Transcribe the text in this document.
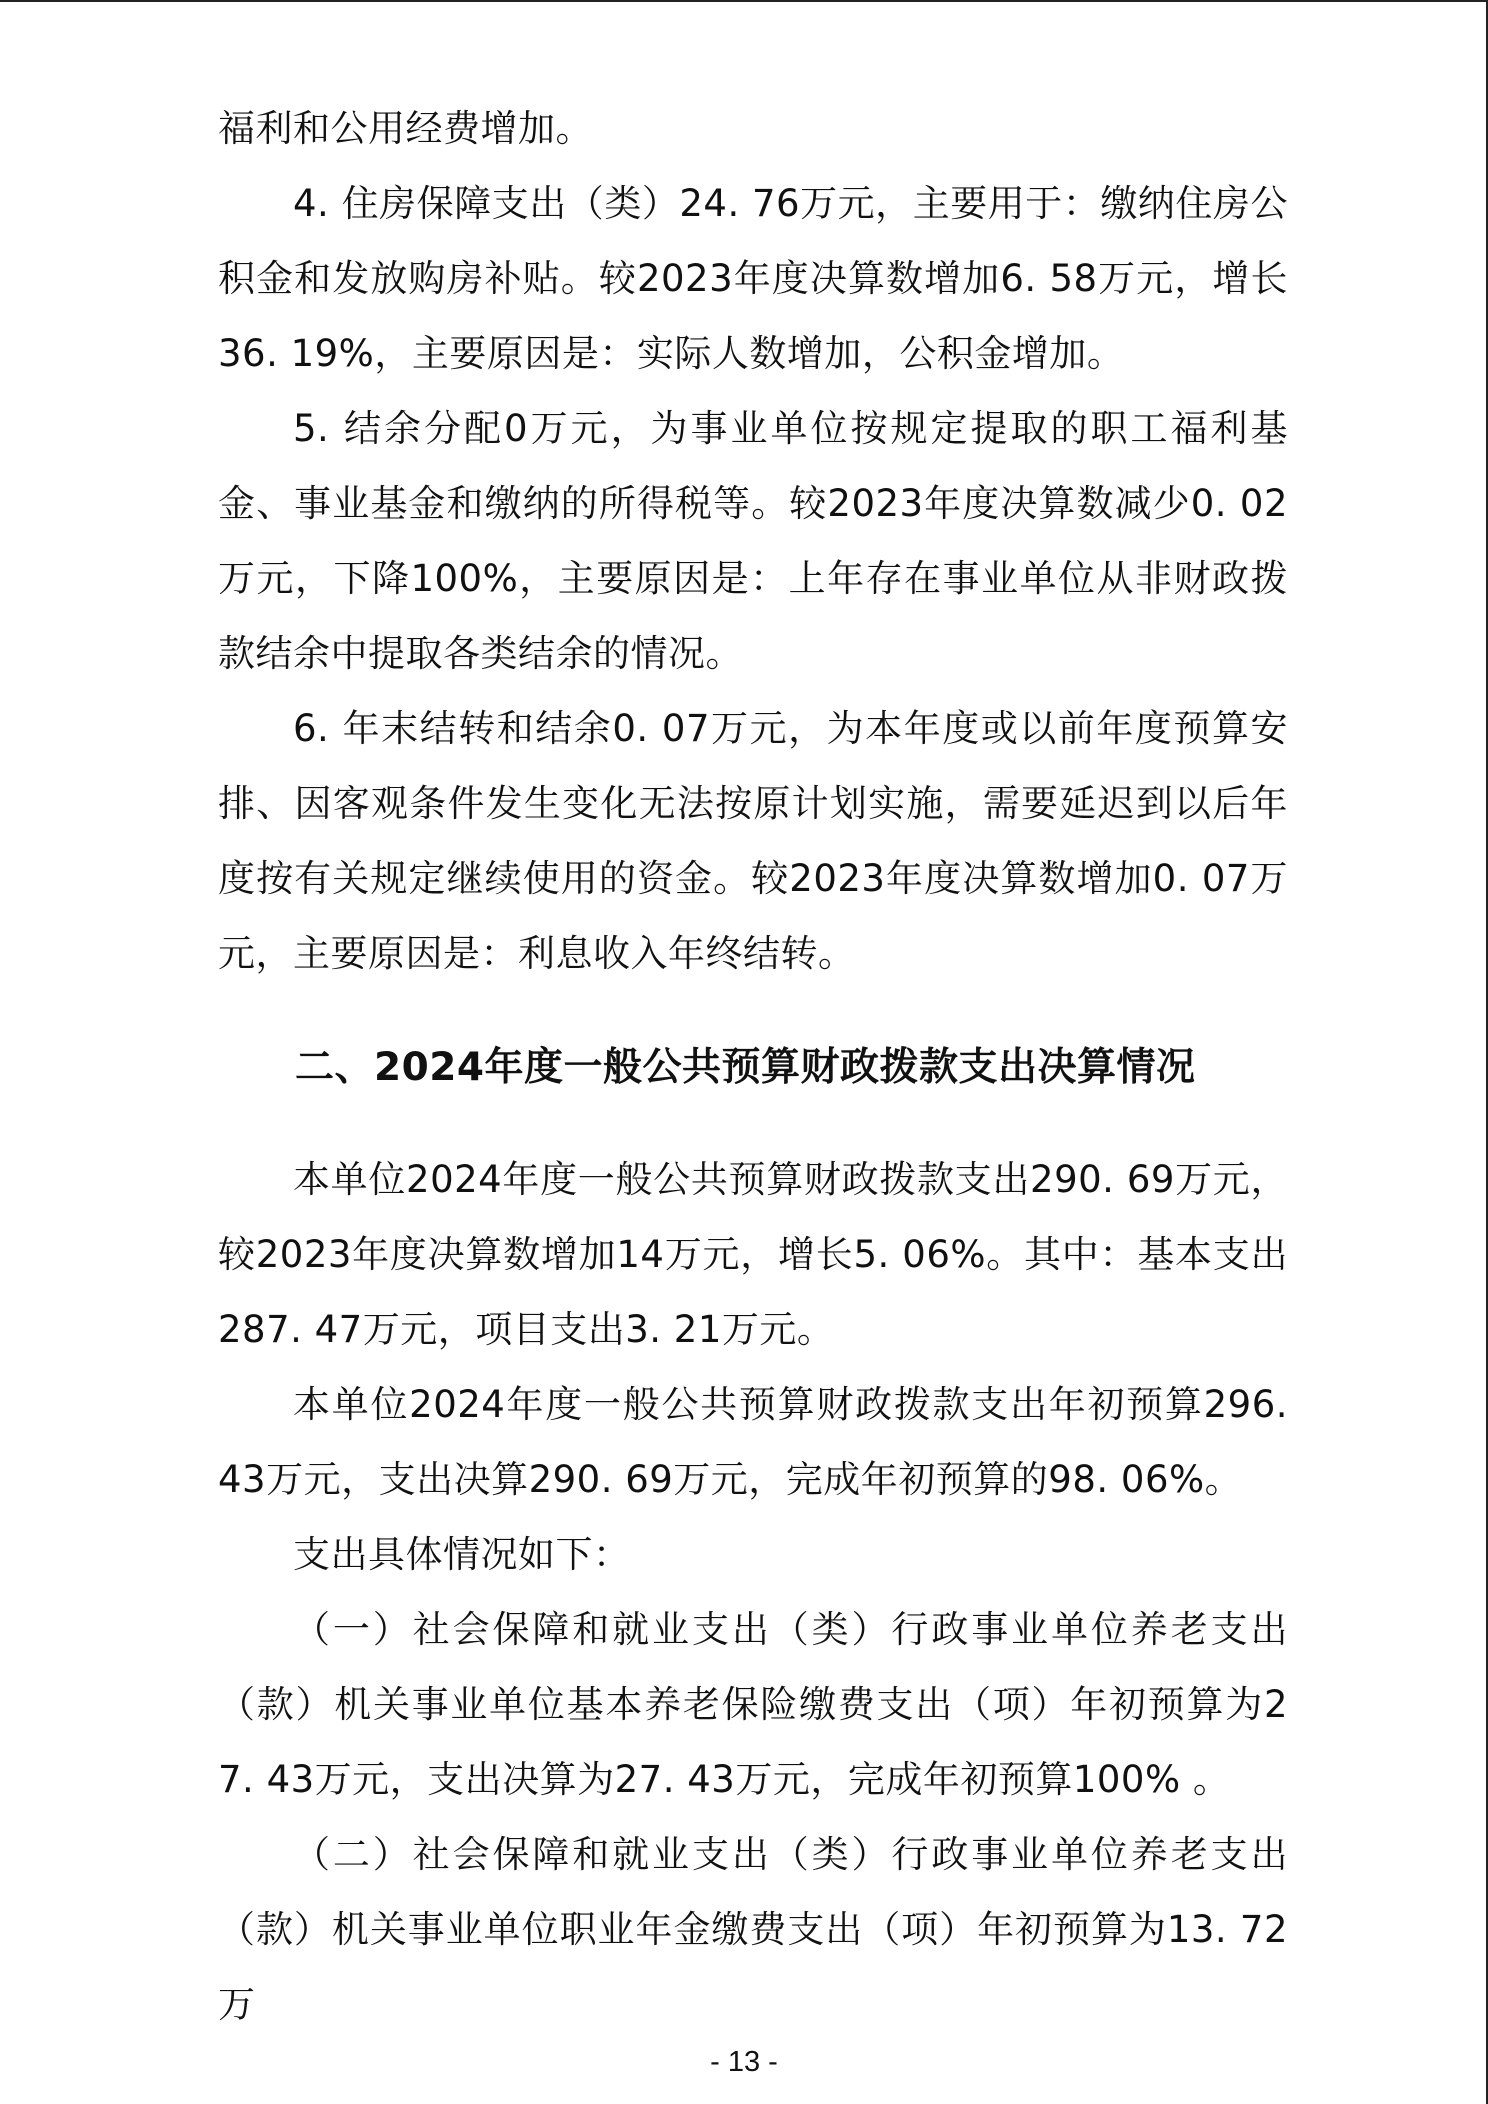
福利和公用经费增加。

4. 住房保障支出（类）24. 76万元，主要用于：缴纳住房公积金和发放购房补贴。较2023年度决算数增加6. 58万元，增长36. 19%，主要原因是：实际人数增加，公积金增加。

5. 结余分配0万元，为事业单位按规定提取的职工福利基金、事业基金和缴纳的所得税等。较2023年度决算数减少0. 02万元，下降100%，主要原因是：上年存在事业单位从非财政拨款结余中提取各类结余的情况。

6. 年末结转和结余0. 07万元，为本年度或以前年度预算安排、因客观条件发生变化无法按原计划实施，需要延迟到以后年度按有关规定继续使用的资金。较2023年度决算数增加0. 07万元，主要原因是：利息收入年终结转。

二、2024年度一般公共预算财政拨款支出决算情况

本单位2024年度一般公共预算财政拨款支出290. 69万元，较2023年度决算数增加14万元，增长5. 06%。其中：基本支出287. 47万元，项目支出3. 21万元。

本单位2024年度一般公共预算财政拨款支出年初预算296. 43万元，支出决算290. 69万元，完成年初预算的98. 06%。

支出具体情况如下：

（一）社会保障和就业支出（类）行政事业单位养老支出（款）机关事业单位基本养老保险缴费支出（项）年初预算为27. 43万元，支出决算为27. 43万元，完成年初预算100% 。

（二）社会保障和就业支出（类）行政事业单位养老支出（款）机关事业单位职业年金缴费支出（项）年初预算为13. 72万

- 13 -
